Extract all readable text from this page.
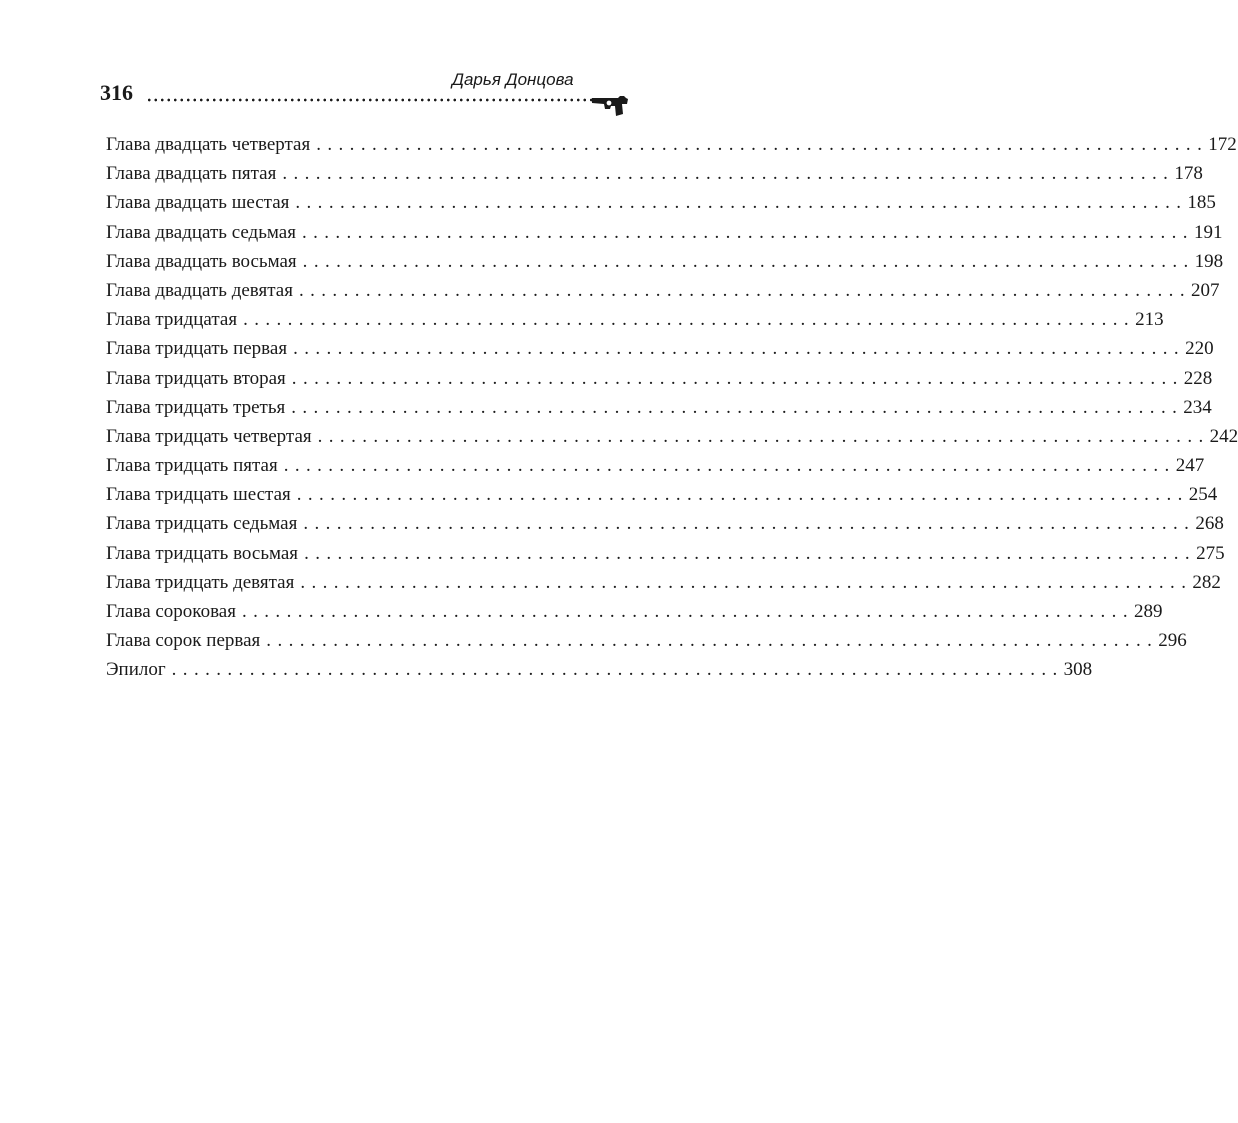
316
Дарья Донцова
Глава двадцать четвертая ................................................................................ 172
Глава двадцать пятая ................................................................................ 178
Глава двадцать шестая ................................................................................ 185
Глава двадцать седьмая ................................................................................ 191
Глава двадцать восьмая ................................................................................ 198
Глава двадцать девятая ................................................................................ 207
Глава тридцатая ................................................................................ 213
Глава тридцать первая ................................................................................ 220
Глава тридцать вторая ................................................................................ 228
Глава тридцать третья ................................................................................ 234
Глава тридцать четвертая ................................................................................ 242
Глава тридцать пятая ................................................................................ 247
Глава тридцать шестая ................................................................................ 254
Глава тридцать седьмая ................................................................................ 268
Глава тридцать восьмая ................................................................................ 275
Глава тридцать девятая ................................................................................ 282
Глава сороковая ................................................................................ 289
Глава сорок первая ................................................................................ 296
Эпилог ................................................................................ 308
